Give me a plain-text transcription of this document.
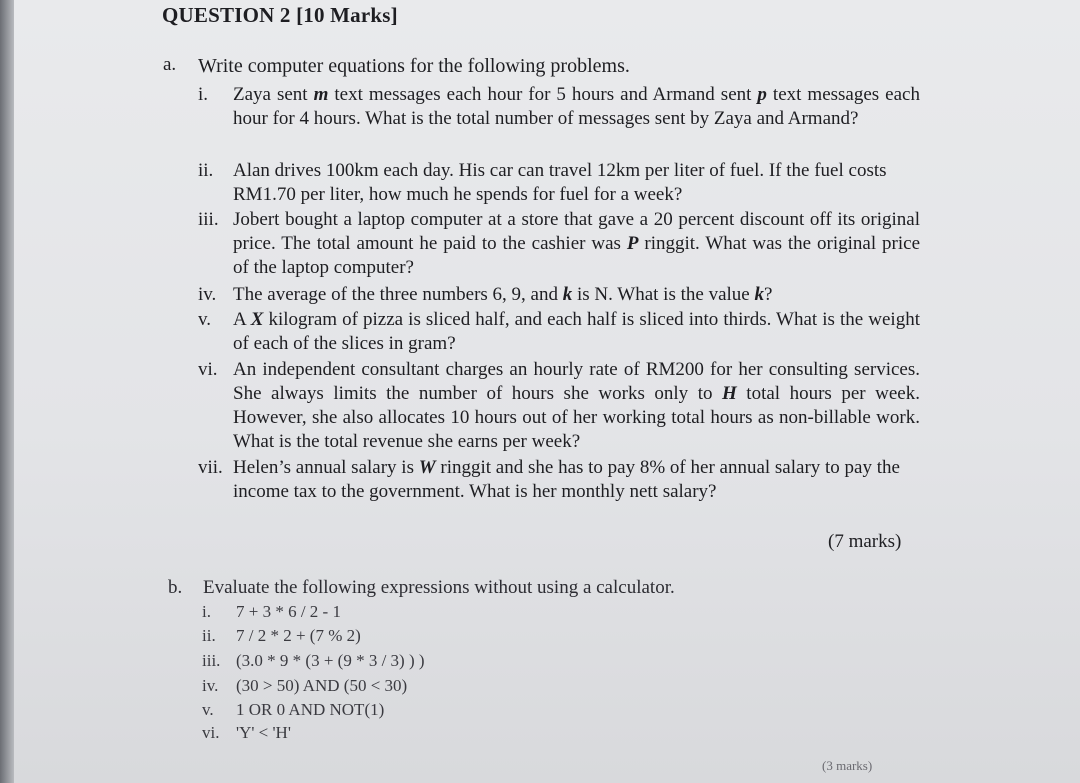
QUESTION 2 [10 Marks]
a. Write computer equations for the following problems.
i. Zaya sent m text messages each hour for 5 hours and Armand sent p text messages each hour for 4 hours. What is the total number of messages sent by Zaya and Armand?
ii. Alan drives 100km each day. His car can travel 12km per liter of fuel. If the fuel costs RM1.70 per liter, how much he spends for fuel for a week?
iii. Jobert bought a laptop computer at a store that gave a 20 percent discount off its original price. The total amount he paid to the cashier was P ringgit. What was the original price of the laptop computer?
iv. The average of the three numbers 6, 9, and k is N. What is the value k?
v. A X kilogram of pizza is sliced half, and each half is sliced into thirds. What is the weight of each of the slices in gram?
vi. An independent consultant charges an hourly rate of RM200 for her consulting services. She always limits the number of hours she works only to H total hours per week. However, she also allocates 10 hours out of her working total hours as non-billable work. What is the total revenue she earns per week?
vii. Helen’s annual salary is W ringgit and she has to pay 8% of her annual salary to pay the income tax to the government. What is her monthly nett salary?
(7 marks)
b. Evaluate the following expressions without using a calculator.
i. 7 + 3 * 6 / 2 - 1
ii. 7 / 2 * 2 + (7 % 2)
iii. (3.0 * 9 * (3 + (9 * 3 / 3) ) )
iv. (30 > 50) AND (50 < 30)
v. 1 OR 0 AND NOT(1)
vi. 'Y' < 'H'
(3 marks)
